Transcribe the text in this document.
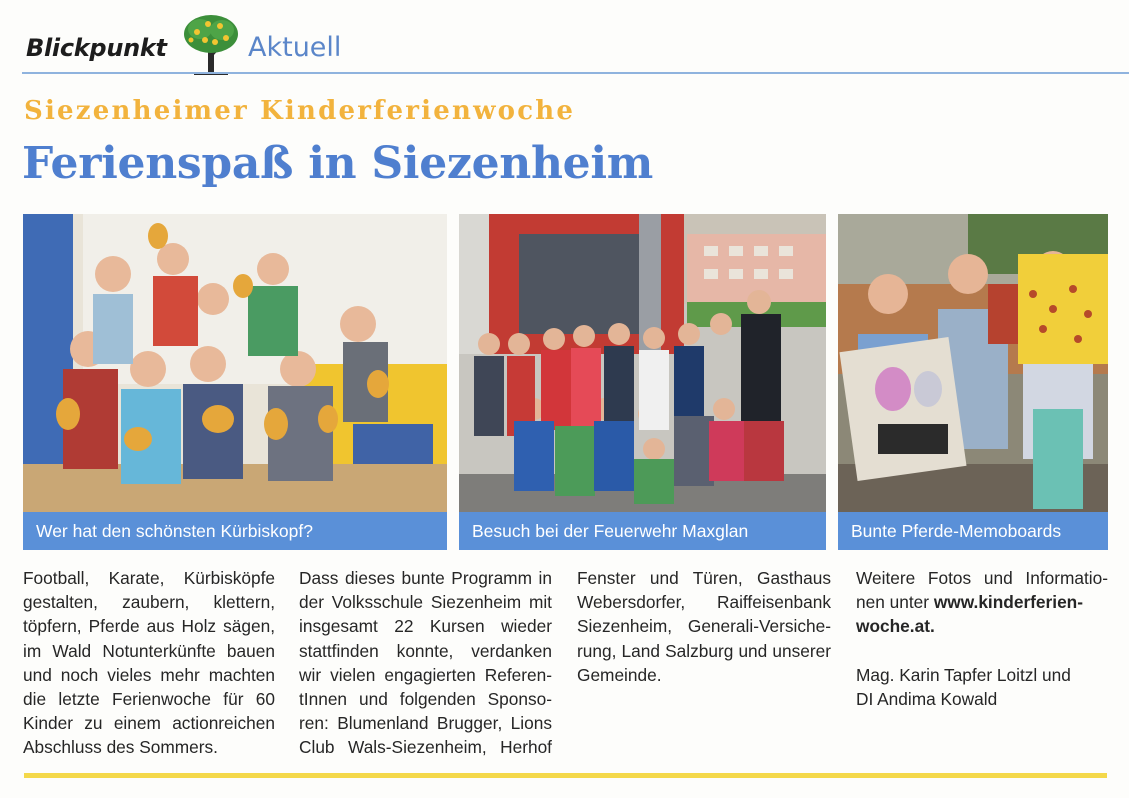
Blickpunkt	Aktuell
Siezenheimer Kinderferienwoche
Ferienspaß in Siezenheim
Wer hat den schönsten Kürbiskopf?	Besuch bei der Feuerwehr Maxglan	Bunte Pferde-Memoboards
Football, Karate, Kürbisköpfe
gestalten, zaubern, klettern,
töpfern, Pferde aus Holz sägen,
im Wald Notunterkünfte bauen
und noch vieles mehr machten
die letzte Ferienwoche für 60
Kinder zu einem actionreichen
Abschluss des Sommers.
Dass dieses bunte Programm in
der Volksschule Siezenheim mit
insgesamt 22 Kursen wieder
stattfinden konnte, verdanken
wir vielen engagierten Referen-
tInnen und folgenden Sponso-
ren: Blumenland Brugger, Lions
Club Wals-Siezenheim, Herhof
Fenster und Türen, Gasthaus
Webersdorfer, Raiffeisenbank
Siezenheim, Generali-Versiche-
rung, Land Salzburg und unserer
Gemeinde.
Weitere Fotos und Informatio-
nen unter www.kinderferien-
woche.at.
Mag. Karin Tapfer Loitzl und
DI Andima Kowald
